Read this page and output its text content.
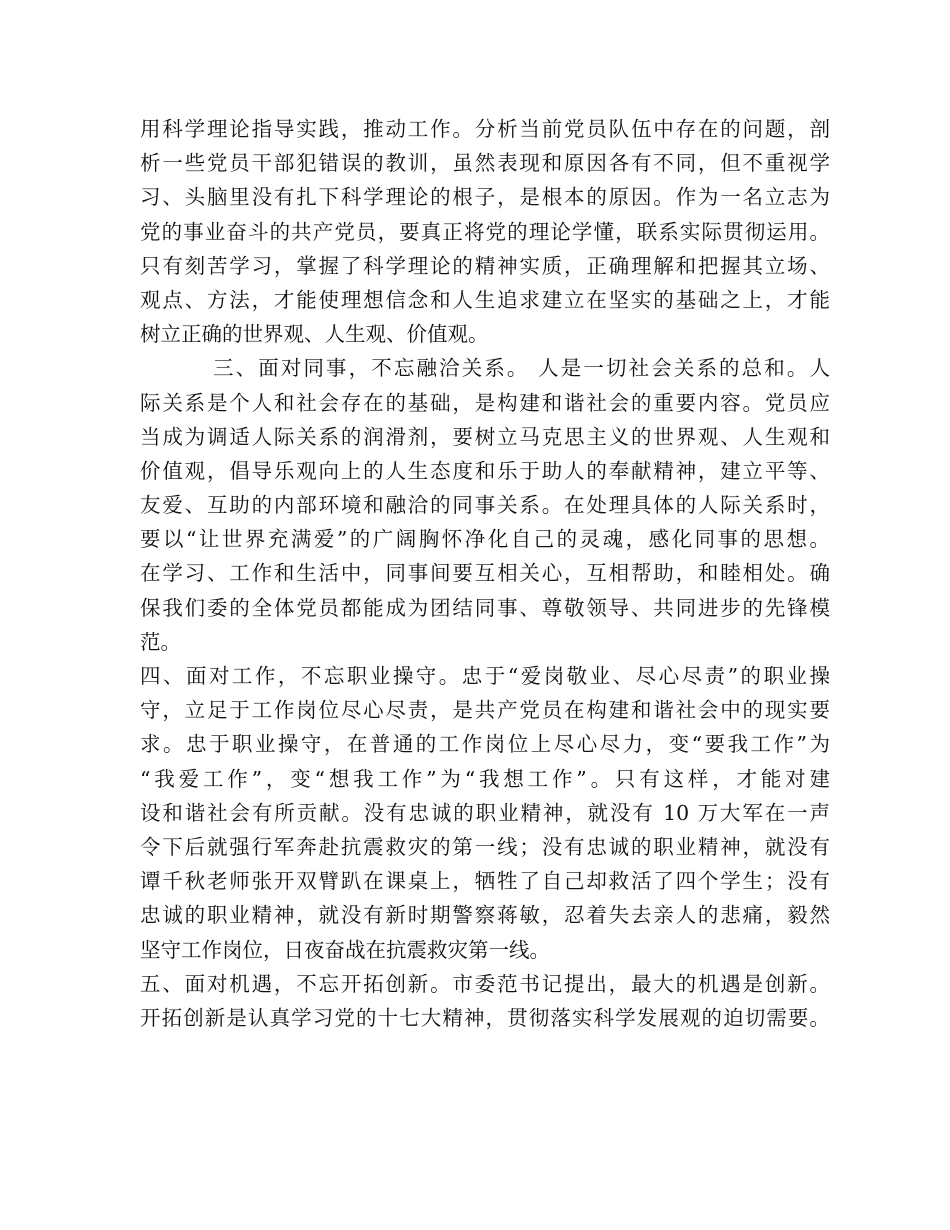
用科学理论指导实践，推动工作。分析当前党员队伍中存在的问题，剖
析一些党员干部犯错误的教训，虽然表现和原因各有不同，但不重视学
习、头脑里没有扎下科学理论的根子，是根本的原因。作为一名立志为
党的事业奋斗的共产党员，要真正将党的理论学懂，联系实际贯彻运用。
只有刻苦学习，掌握了科学理论的精神实质，正确理解和把握其立场、
观点、方法，才能使理想信念和人生追求建立在坚实的基础之上，才能
树立正确的世界观、人生观、价值观。
三、面对同事，不忘融洽关系。 人是一切社会关系的总和。人
际关系是个人和社会存在的基础，是构建和谐社会的重要内容。党员应
当成为调适人际关系的润滑剂，要树立马克思主义的世界观、人生观和
价值观，倡导乐观向上的人生态度和乐于助人的奉献精神，建立平等、
友爱、互助的内部环境和融洽的同事关系。在处理具体的人际关系时，
要以“让世界充满爱”的广阔胸怀净化自己的灵魂，感化同事的思想。
在学习、工作和生活中，同事间要互相关心，互相帮助，和睦相处。确
保我们委的全体党员都能成为团结同事、尊敬领导、共同进步的先锋模
范。
四、面对工作，不忘职业操守。忠于“爱岗敬业、尽心尽责”的职业操
守，立足于工作岗位尽心尽责，是共产党员在构建和谐社会中的现实要
求。忠于职业操守，在普通的工作岗位上尽心尽力，变“要我工作”为
“我爱工作”，变“想我工作”为“我想工作”。只有这样，才能对建
设和谐社会有所贡献。没有忠诚的职业精神，就没有 10 万大军在一声
令下后就强行军奔赴抗震救灾的第一线；没有忠诚的职业精神，就没有
谭千秋老师张开双臂趴在课桌上，牺牲了自己却救活了四个学生；没有
忠诚的职业精神，就没有新时期警察蒋敏，忍着失去亲人的悲痛，毅然
坚守工作岗位，日夜奋战在抗震救灾第一线。
五、面对机遇，不忘开拓创新。市委范书记提出，最大的机遇是创新。
开拓创新是认真学习党的十七大精神，贯彻落实科学发展观的迫切需要。
